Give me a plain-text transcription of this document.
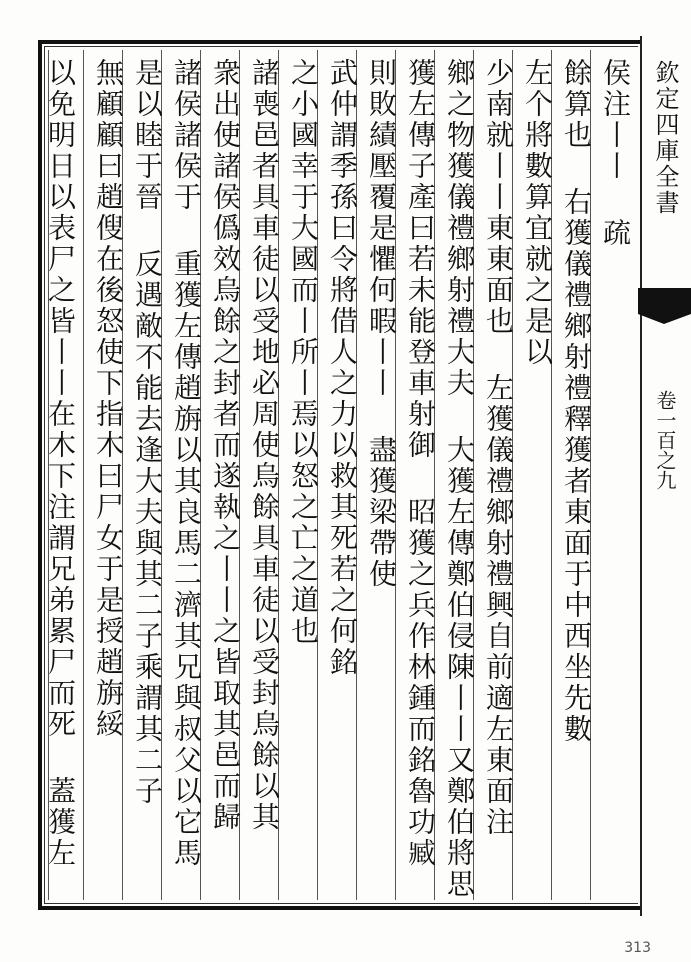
欽定四庫全書
卷一百之九
侯注丨丨 疏
餘算也 右獲儀禮鄉射禮釋獲者東面于中西坐先數
左个將數算宜就之是以
少南就丨丨東東面也 左獲儀禮鄉射禮興自前適左東面注
鄉之物獲儀禮鄉射禮大夫 大獲左傳鄭伯侵陳丨丨又鄭伯將思
獲左傳子產曰若未能登車射御 昭獲之兵作林鍾而銘魯功臧
則敗績壓覆是懼何暇丨丨 盡獲梁帶使
武仲謂季孫曰令將借人之力以救其死若之何銘
之小國幸于大國而丨所丨焉以怒之亡之道也
諸喪邑者具車徒以受地必周使烏餘具車徒以受封烏餘以其
衆出使諸侯僞效烏餘之封者而遂執之丨丨之皆取其邑而歸
諸侯諸侯于 重獲左傳趙旃以其良馬二濟其兄與叔父以它馬
是以睦于晉 反遇敵不能去逢大夫與其二子乘謂其二子
無顧顧曰趙傁在後怒使下指木曰尸女于是授趙旃綏
以免明日以表尸之皆丨丨在木下注謂兄弟累尸而死 蓋獲左
313
